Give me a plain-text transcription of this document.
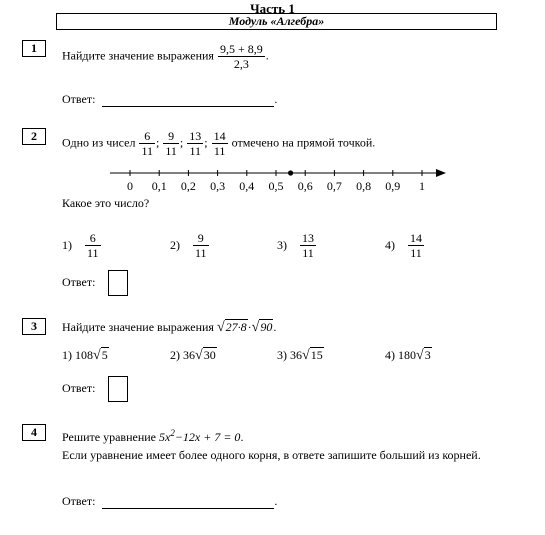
Часть 1
Модуль «Алгебра»
1
Найдите значение выражения $\frac{9,5 + 8,9}{2,3}$ .
Ответ:	.
2	Одно из чисел $\frac{6}{11}$ ; $\frac{9}{11}$ ; $\frac{13}{11}$ ; $\frac{14}{11}$ отмечено на прямой точкой.
0 0,1 0,2 0,3 0,4 0,5 0,6 0,7 0,8 0,9 1
Какое это число?
$1) \frac{6}{11}$	$2) \frac{9}{11}$	$3) \frac{13}{11}$	$4) \frac{14}{11}$
Ответ:
3	Найдите значение выражения √27·8·√90.
1) 108√5	2) 36√30	3) 36√15	4) 180√3
Ответ:
4	Решите уравнение $5x^2-12x + 7 = 0$.
Если уравнение имеет более одного корня, в ответе запишите больший из корней.
Ответ:	.
